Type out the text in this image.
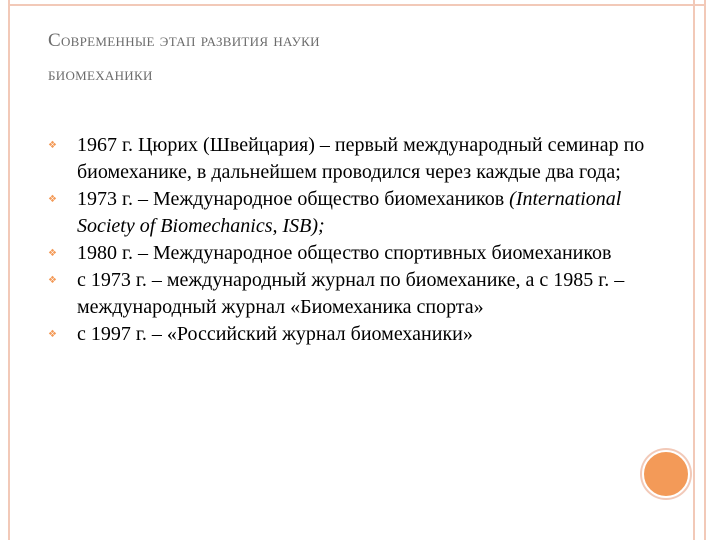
Современные этап развития науки
биомеханики
❖ 1967 г. Цюрих (Швейцария) – первый международный семинар по биомеханике, в дальнейшем проводился через каждые два года;
❖ 1973 г. – Международное общество биомехаников (International Society of Biomechanics, ISB);
❖ 1980 г. – Международное общество спортивных биомехаников
❖ с 1973 г. – международный журнал по биомеханике, а с 1985 г. – международный журнал «Биомеханика спорта»
❖ с 1997 г. – «Российский журнал биомеханики»
